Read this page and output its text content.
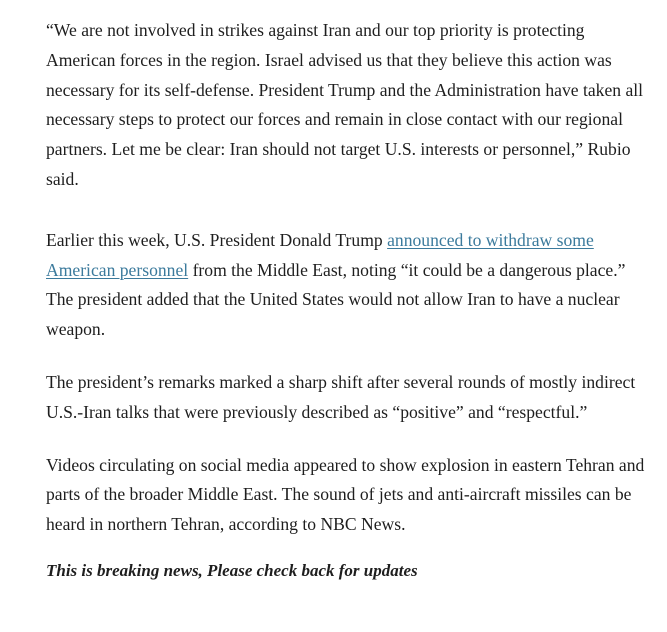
“We are not involved in strikes against Iran and our top priority is protecting American forces in the region. Israel advised us that they believe this action was necessary for its self-defense. President Trump and the Administration have taken all necessary steps to protect our forces and remain in close contact with our regional partners. Let me be clear: Iran should not target U.S. interests or personnel,” Rubio said.

Earlier this week, U.S. President Donald Trump announced to withdraw some American personnel from the Middle East, noting “it could be a dangerous place.” The president added that the United States would not allow Iran to have a nuclear weapon.

The president’s remarks marked a sharp shift after several rounds of mostly indirect U.S.-Iran talks that were previously described as “positive” and “respectful.”

Videos circulating on social media appeared to show explosion in eastern Tehran and parts of the broader Middle East. The sound of jets and anti-aircraft missiles can be heard in northern Tehran, according to NBC News.

This is breaking news, Please check back for updates
